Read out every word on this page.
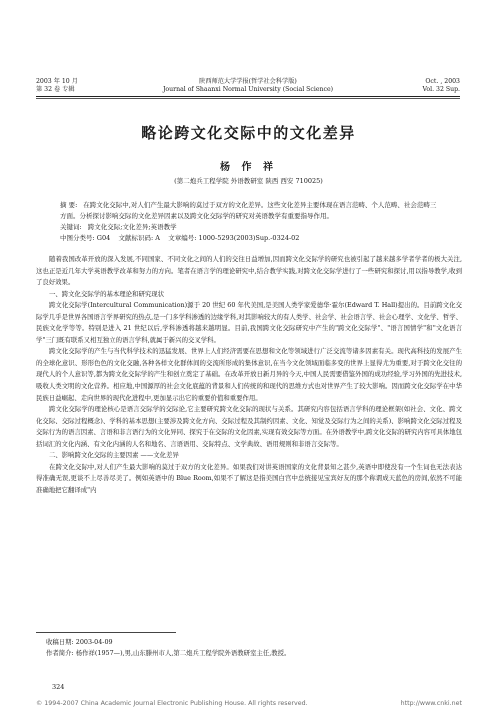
2003 年 10 月
第 32 卷 专辑
陕西师范大学学报(哲学社会科学版)
Journal of Shaanxi Normal University (Social Science)
Oct. , 2003
Vol. 32 Sup.
略论跨文化交际中的文化差异
杨 作 祥
(第二炮兵工程学院 外语教研室 陕西 西安 710025)
摘 要: 在跨文化交际中,对人们产生最大影响的莫过于双方的文化差异。这些文化差异主要体现在语言范畴、个人范畴、社会范畴三方面。分析探讨影响交际的文化差异因素以及跨文化交际学的研究对英语教学有重要指导作用。
关键词: 跨文化交际;文化差异;英语教学
中图分类号: G04 文献标识码: A 文章编号: 1000-5293(2003)Sup.-0324-02

随着我国改革开放的深入发展,不同国家、不同文化之间的人们的交往日益增加,因而跨文化交际学的研究也被引起了越来越多学者学者的极大关注,这也正是近几年大学英语教学改革和努力的方向。笔者在语言学的理论研究中,结合教学实践,对跨文化交际学进行了一些研究和探讨,用以指导教学,收到了良好效果。

一、跨文化交际学的基本理论和研究现状

跨文化交际学(Intercultural Communication)源于 20 世纪 60 年代美国,是美国人类学家爱德华·霍尔(Edward T. Hall)提出的。目前跨文化交际学几乎是世界各国语言学界研究的热点,是一门多学科渗透的边缘学科,对其影响较大的有人类学、社会学、社会语言学、社会心理学、文化学、哲学、民族文化学等等。特别是进入 21 世纪以后,学科渗透将越来越明显。目前,我国跨文化交际研究中产生的"跨文化交际学"、"语言国情学"和"文化语言学"三门既有联系又相互独立的语言学科,就属于新兴的交叉学科。

跨文化交际学的产生与当代科学技术的迅猛发展、世界上人们经济需要在思想和文化等领域进行广泛交流等诸多因素有关。现代高科技的发展产生的全球化意识、形形色色的文化交融,各种各样文化群体间的交流所形成的集体意识,在当今文化领域面临多变的世界上显得尤为重要,对于跨文化交往的现代人的个人意识等,都为跨文化交际学的产生和创立奠定了基础。在改革开放日新月异的今天,中国人民需要借鉴外国的成功经验,学习外国的先进技术,吸收人类文明的文化营养。相应地,中国源厚的社会文化底蕴的背景和人们传统的和现代的思维方式也对世界产生了较大影响。因而跨文化交际学在中华民族日益崛起、走向世界的现代化进程中,更加显示出它的重要价值和重要作用。

跨文化交际学的理论核心是语言交际学的交际论,它主要研究跨文化交际的现状与关系。其研究内容包括语言学科的理论框架(如社会、文化、跨文化交际、交际过程概念)、学科的基本思想(主要涉及跨文化方向、交际过程及其制约因素、文化、知觉及交际行为之间的关系)、影响跨文化交际过程及交际行为的语言因素、言语和非言语行为的文化异同、探究于在交际的文化因素,实现有效交际等方面。在外语教学中,跨文化交际的研究内容可具体地包括词汇的文化内涵、有文化内涵的人名和地名、言语语用、交际特点、文学典故、语用规则和非语言交际等。

二、影响跨文化交际的主要因素 ——文化差异

在跨文化交际中,对人们产生最大影响的莫过于双方的文化差异。如果我们对讲英语国家的文化背景知之甚少,英语中即使没有一个生词也无法表达得准确无误,更谈不上尽善尽美了。例如英语中的 Blue Room,如果不了解这是指美国白宫中总统接见宝宾好友的那个称谓成天蓝色的房间,依然不可能准确地把它翻译成"内

收稿日期: 2003-04-09
作者简介: 杨作祥(1957—),男,山东滕州市人,第二炮兵工程学院外语教研室主任,教授。
324
© 1994-2007 China Academic Journal Electronic Publishing House. All rights reserved.	http://www.cnki.net
